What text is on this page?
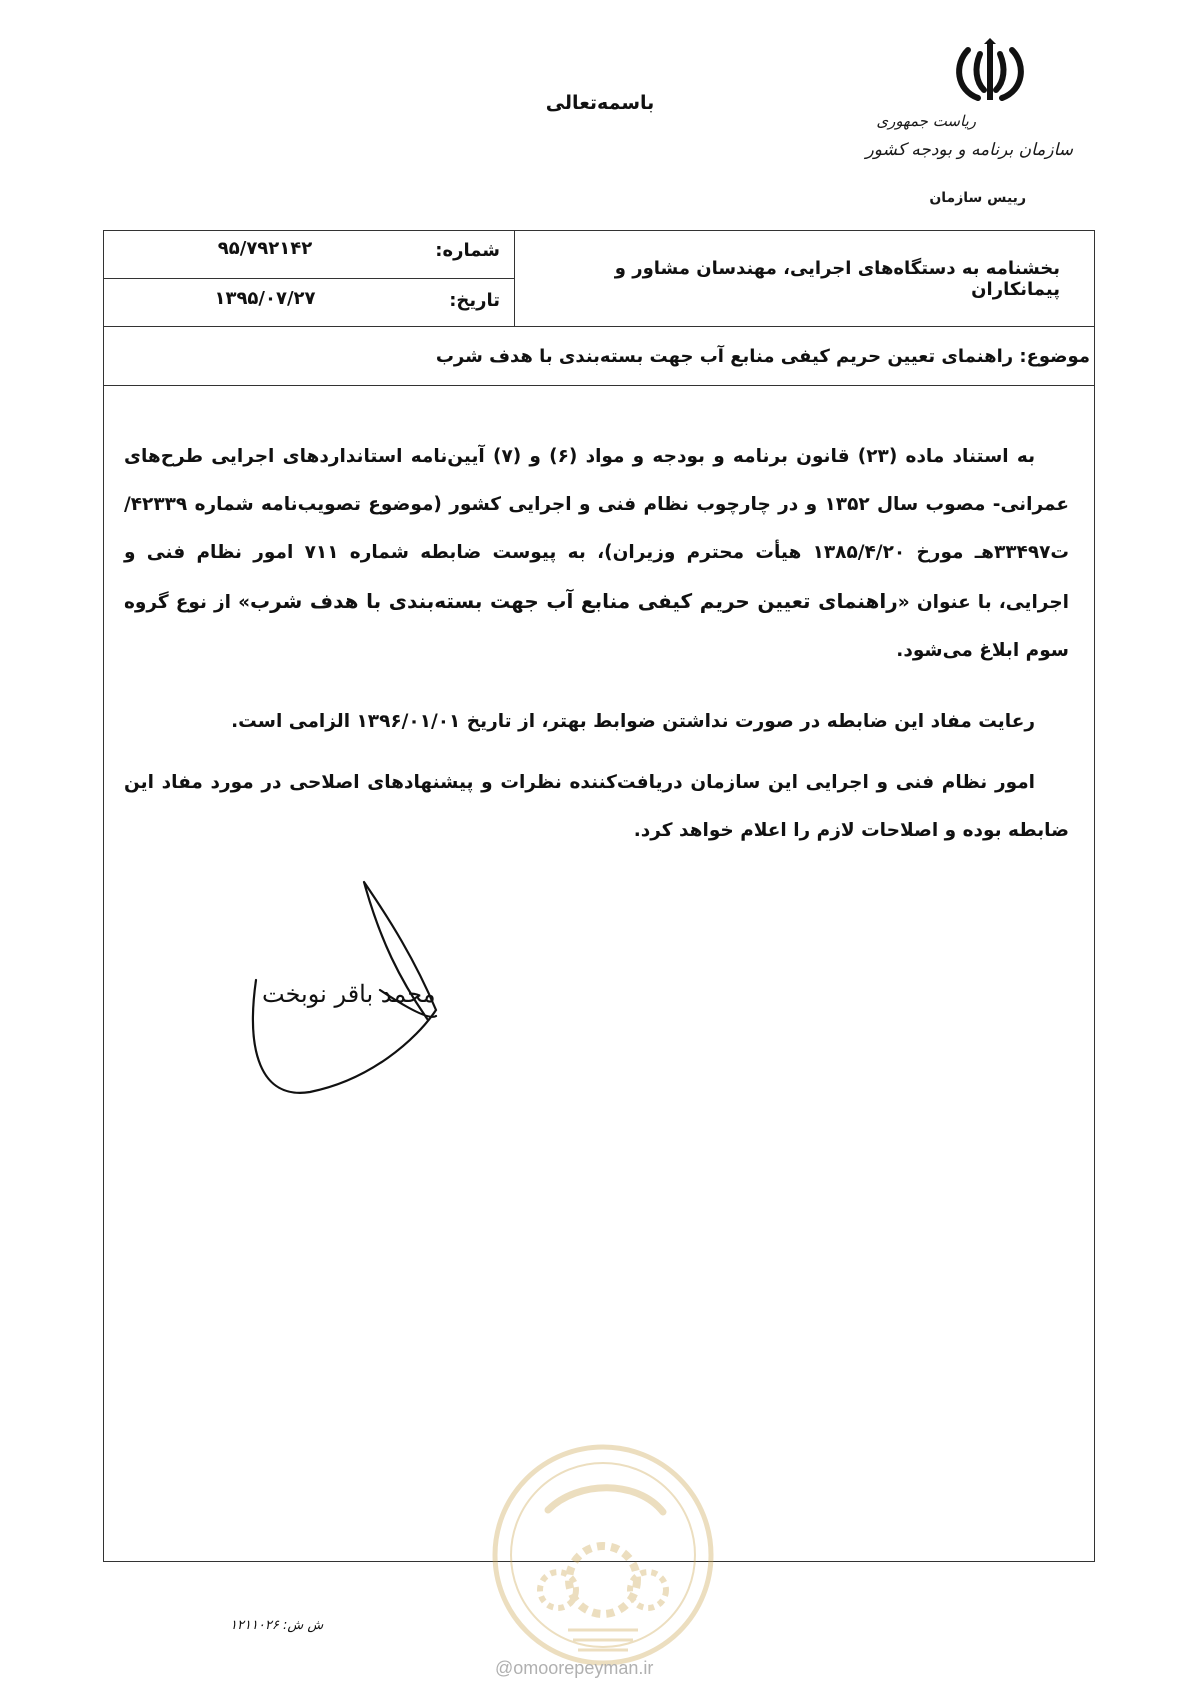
ریاست جمهوری
سازمان برنامه و بودجه کشور
رییس سازمان
باسمه‌تعالی
شماره:
۹۵/۷۹۲۱۴۲
تاریخ:
۱۳۹۵/۰۷/۲۷
بخشنامه به دستگاه‌های اجرایی، مهندسان مشاور و پیمانکاران
موضوع: راهنمای تعیین حریم کیفی منابع آب جهت بسته‌بندی با هدف شرب
به استناد ماده (۲۳) قانون برنامه و بودجه و مواد (۶) و (۷) آیین‌نامه استانداردهای اجرایی طرح‌های عمرانی- مصوب سال ۱۳۵۲ و در چارچوب نظام فنی و اجرایی کشور (موضوع تصویب‌نامه شماره ۴۲۳۳۹/ت۳۳۴۹۷هـ مورخ ۱۳۸۵/۴/۲۰ هیأت محترم وزیران)، به پیوست ضابطه شماره ۷۱۱ امور نظام فنی و اجرایی، با عنوان «راهنمای تعیین حریم کیفی منابع آب جهت بسته‌بندی با هدف شرب» از نوع گروه سوم ابلاغ می‌شود.
رعایت مفاد این ضابطه در صورت نداشتن ضوابط بهتر، از تاریخ ۱۳۹۶/۰۱/۰۱ الزامی است.
امور نظام فنی و اجرایی این سازمان دریافت‌کننده نظرات و پیشنهادهای اصلاحی در مورد مفاد این ضابطه بوده و اصلاحات لازم را اعلام خواهد کرد.
محمد باقر نوبخت
ش ش: ۱۲۱۱۰۲۶
@omoorepeyman.ir
